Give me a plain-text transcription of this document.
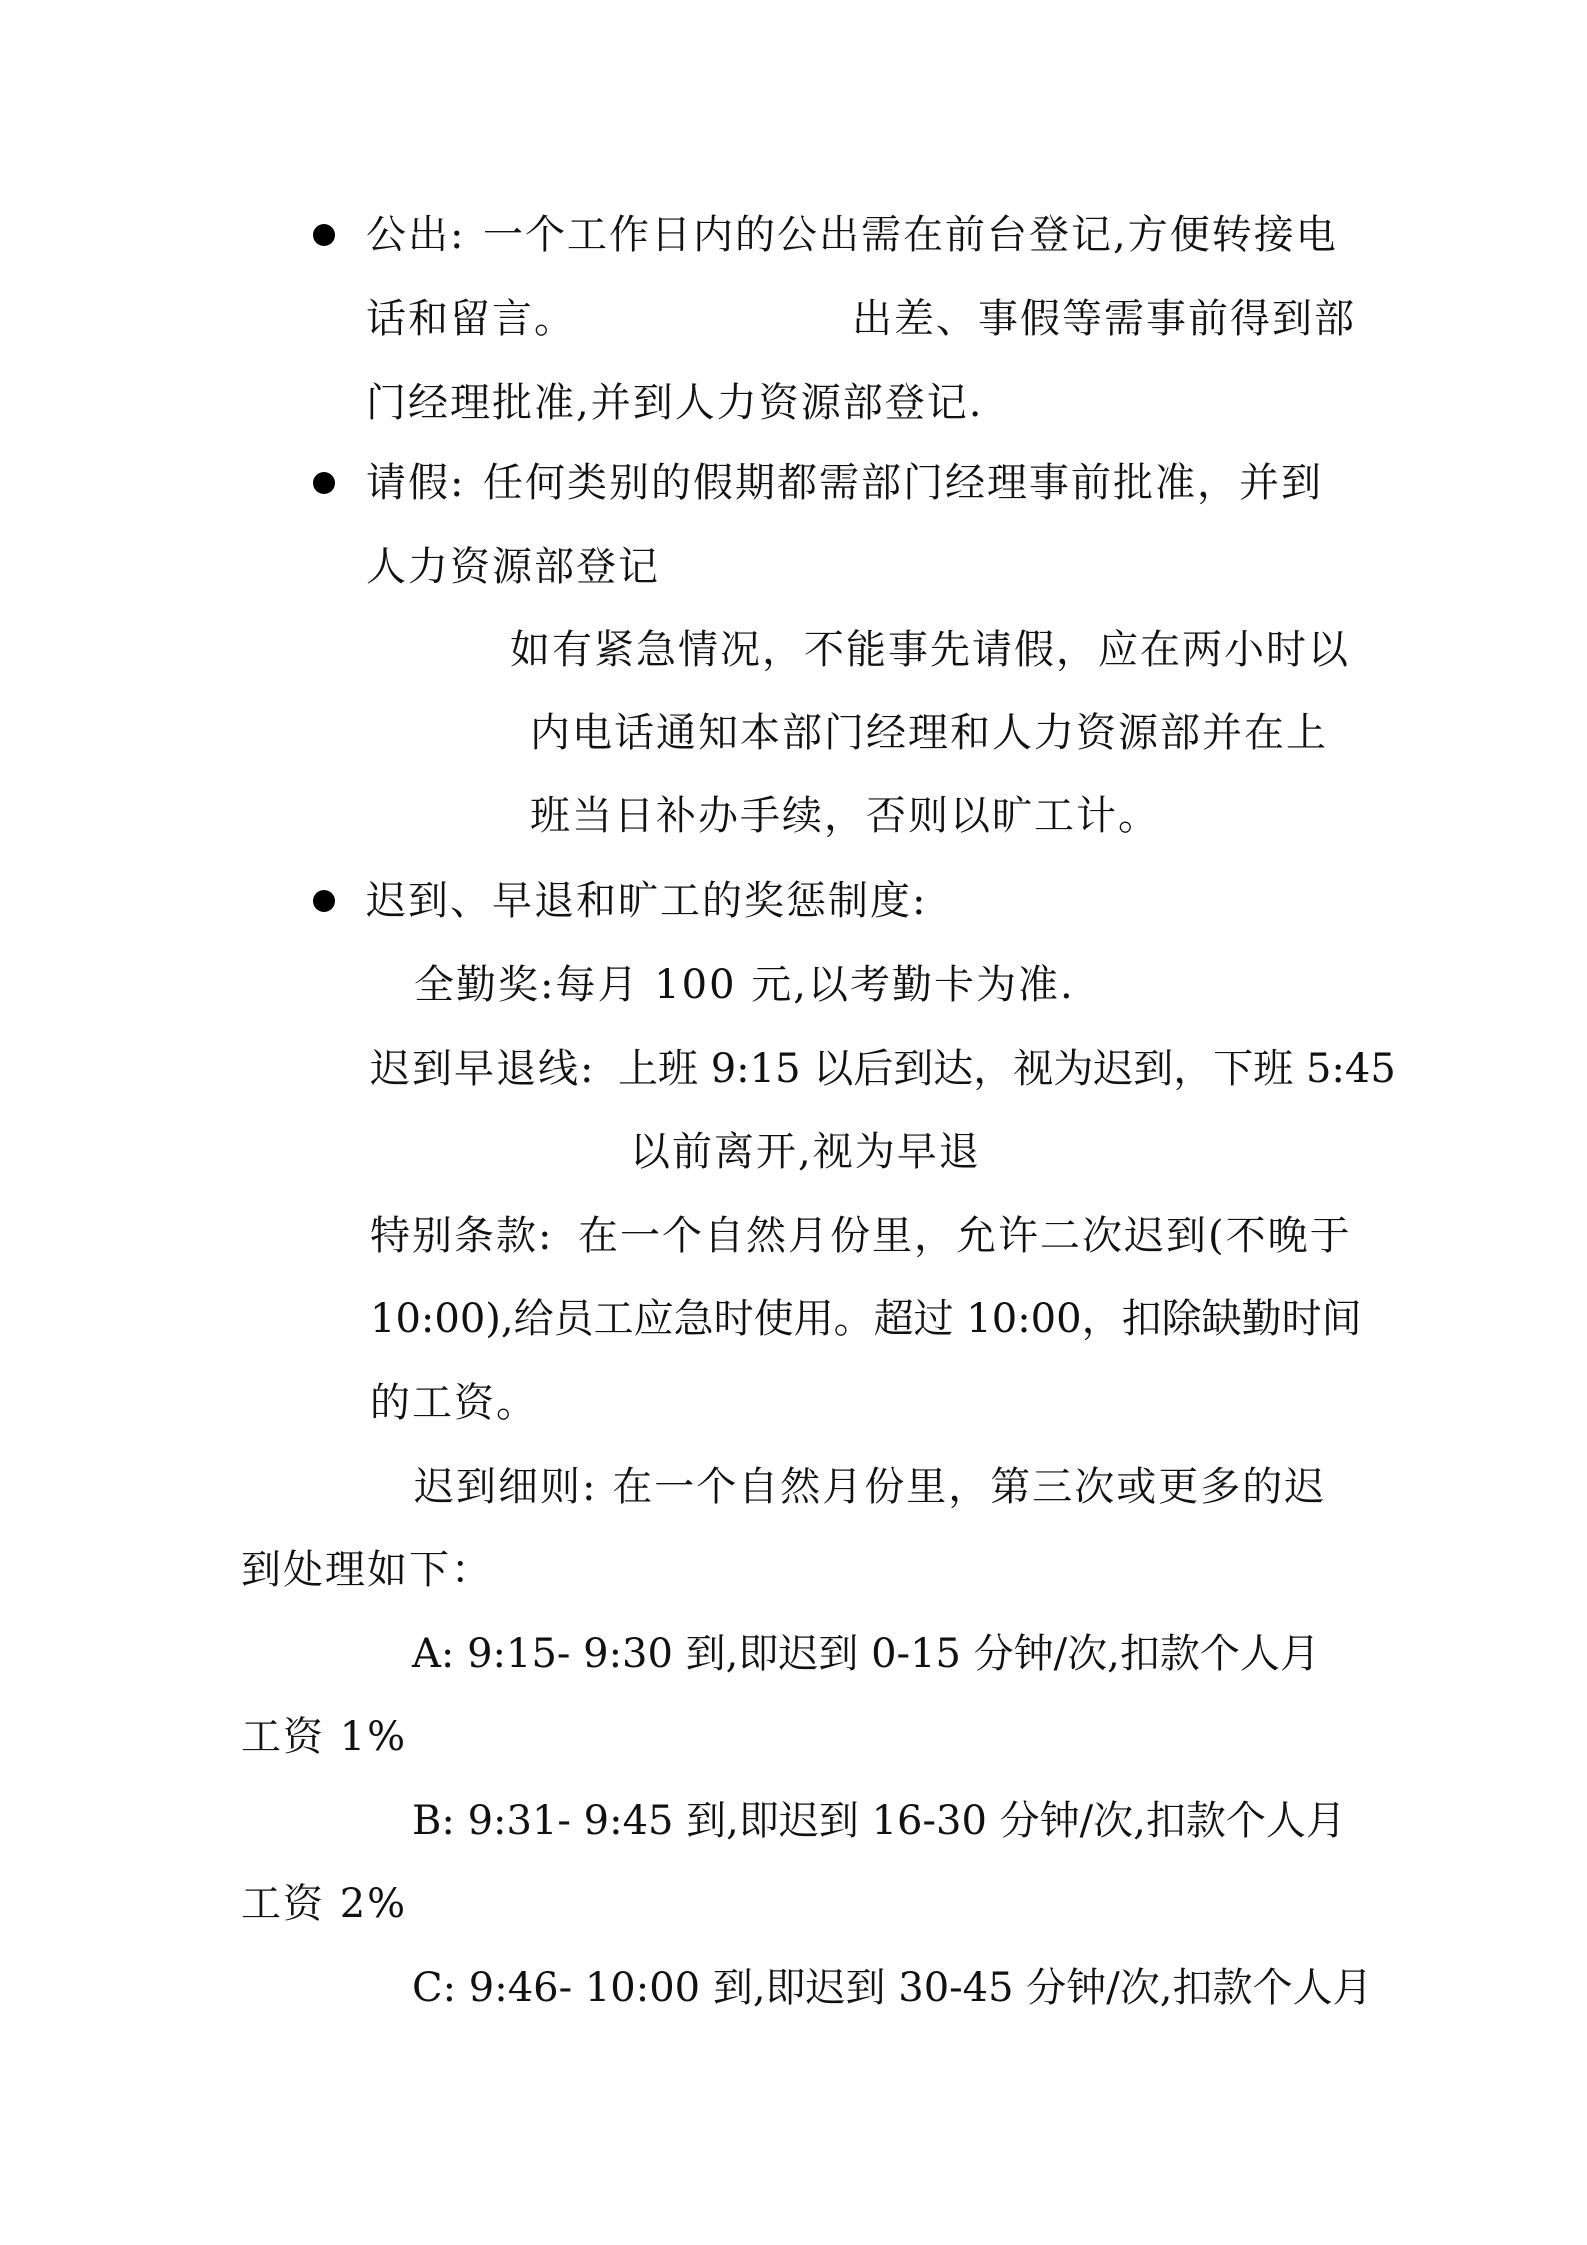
公出: 一个工作日内的公出需在前台登记,方便转接电
话和留言。	出差、事假等需事前得到部
门经理批准,并到人力资源部登记.
请假: 任何类别的假期都需部门经理事前批准，并到
人力资源部登记
如有紧急情况，不能事先请假，应在两小时以
内电话通知本部门经理和人力资源部并在上
班当日补办手续，否则以旷工计。
迟到、早退和旷工的奖惩制度:
全勤奖:每月 100 元,以考勤卡为准.
迟到早退线: 上班 9:15 以后到达，视为迟到，下班 5:45
以前离开,视为早退
特别条款: 在一个自然月份里，允许二次迟到(不晚于
10:00),给员工应急时使用。超过 10:00，扣除缺勤时间
的工资。
迟到细则: 在一个自然月份里，第三次或更多的迟
到处理如下：
A: 9:15- 9:30 到,即迟到 0-15 分钟/次,扣款个人月
工资 1%
B: 9:31- 9:45 到,即迟到 16-30 分钟/次,扣款个人月
工资 2%
C: 9:46- 10:00 到,即迟到 30-45 分钟/次,扣款个人月
